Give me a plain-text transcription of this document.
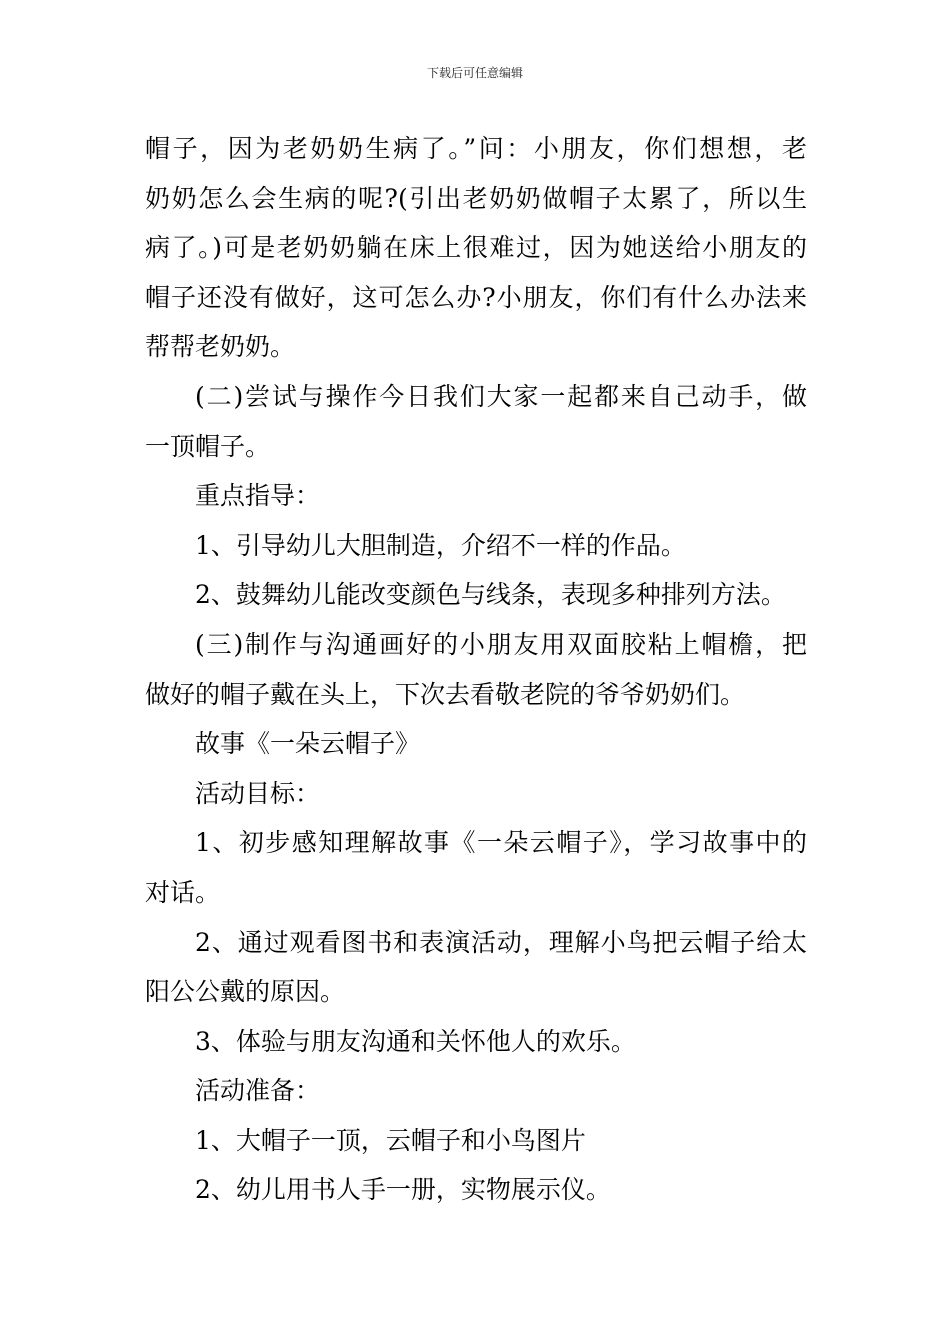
下载后可任意编辑
帽子，因为老奶奶生病了。”问：小朋友，你们想想，老
奶奶怎么会生病的呢?(引出老奶奶做帽子太累了，所以生
病了。)可是老奶奶躺在床上很难过，因为她送给小朋友的
帽子还没有做好，这可怎么办?小朋友，你们有什么办法来
帮帮老奶奶。
(二)尝试与操作今日我们大家一起都来自己动手，做
一顶帽子。
重点指导：
1、引导幼儿大胆制造，介绍不一样的作品。
2、鼓舞幼儿能改变颜色与线条，表现多种排列方法。
(三)制作与沟通画好的小朋友用双面胶粘上帽檐，把
做好的帽子戴在头上，下次去看敬老院的爷爷奶奶们。
故事《一朵云帽子》
活动目标：
1、初步感知理解故事《一朵云帽子》，学习故事中的
对话。
2、通过观看图书和表演活动，理解小鸟把云帽子给太
阳公公戴的原因。
3、体验与朋友沟通和关怀他人的欢乐。
活动准备：
1、大帽子一顶，云帽子和小鸟图片
2、幼儿用书人手一册，实物展示仪。
